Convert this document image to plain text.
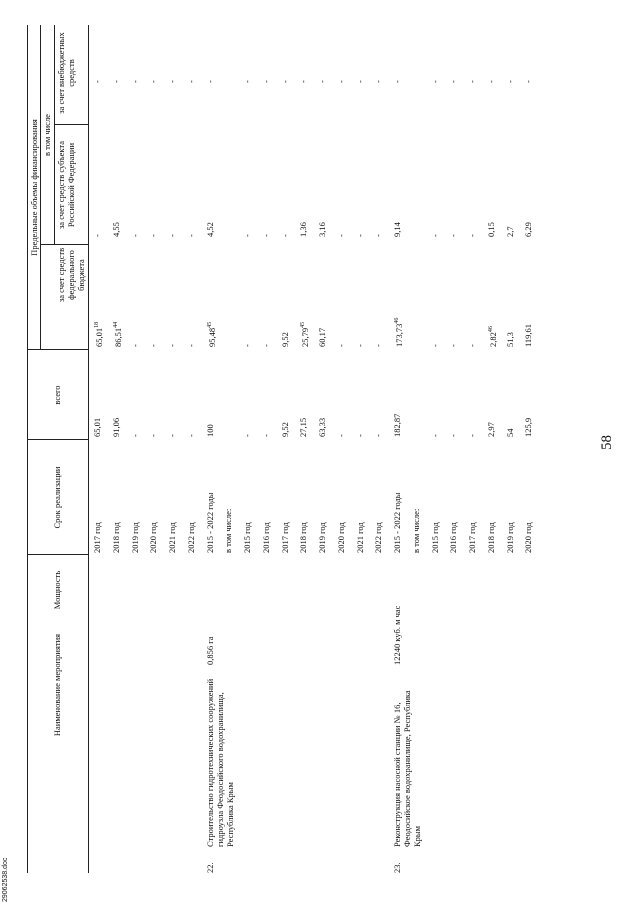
58
29062538.doc
Наименование мероприятия
Мощность
Срок реализации
всего
Предельные объемы финансирования в том числе
за счет средств федерального бюджета
за счет средств субъекта Российской Федерации
за счет внебюджетных средств
2017 год
65,01
65,01$^{18}$
-
-
2018 год
91,06
86,51$^{44}$
4,55
-
2019 год
-
-
-
-
2020 год
-
-
-
-
2021 год
-
-
-
-
2022 год
-
-
-
-
22.
Строительство гидротехнических сооружений гидроузла Феодосийского водохранилища, Республика Крым
0,856 га
2015 - 2022 годы
100
95,48$^{45}$
4,52
-
в том числе: 2015 год
-
-
-
-
2016 год
-
-
-
-
2017 год
9,52
9,52
-
-
2018 год
27,15
25,79$^{45}$
1,36
-
2019 год
63,33
60,17
3,16
-
2020 год
-
-
-
-
2021 год
-
-
-
-
2022 год
-
-
-
-
23.
Реконструкция насосной станции № 16, Феодосийское водохранилище, Республика Крым
12240 куб. м час
2015 - 2022 годы
182,87
173,73$^{46}$
9,14
-
в том числе: 2015 год
-
-
-
-
2016 год
-
-
-
-
2017 год
-
-
-
-
2018 год
2,97
2,82$^{46}$
0,15
-
2019 год
54
51,3
2,7
-
2020 год
125,9
119,61
6,29
-
